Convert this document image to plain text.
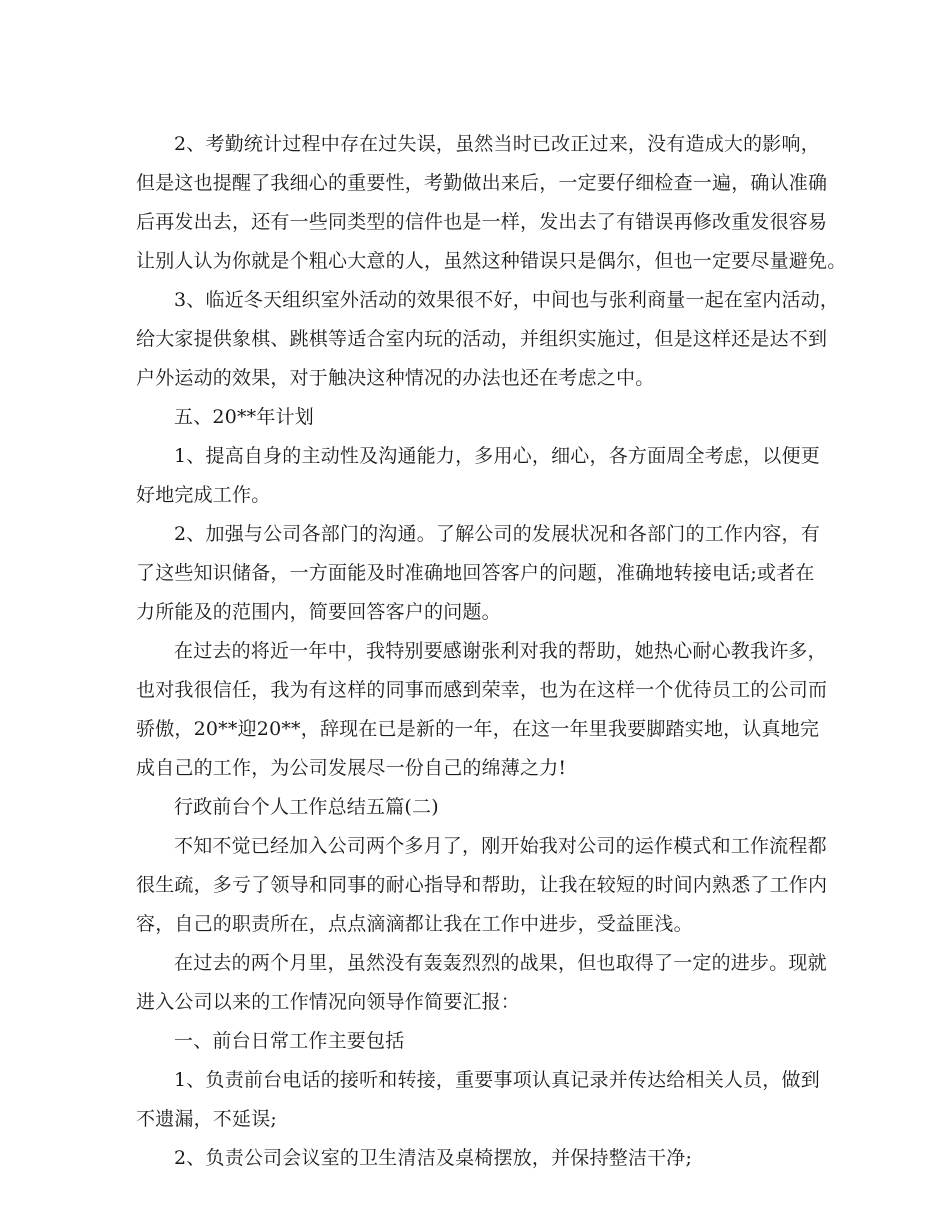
2、考勤统计过程中存在过失误，虽然当时已改正过来，没有造成大的影响，
但是这也提醒了我细心的重要性，考勤做出来后，一定要仔细检查一遍，确认准确
后再发出去，还有一些同类型的信件也是一样，发出去了有错误再修改重发很容易
让别人认为你就是个粗心大意的人，虽然这种错误只是偶尔，但也一定要尽量避免。
3、临近冬天组织室外活动的效果很不好，中间也与张利商量一起在室内活动，
给大家提供象棋、跳棋等适合室内玩的活动，并组织实施过，但是这样还是达不到
户外运动的效果，对于触决这种情况的办法也还在考虑之中。
五、20**年计划
1、提高自身的主动性及沟通能力，多用心，细心，各方面周全考虑，以便更
好地完成工作。
2、加强与公司各部门的沟通。了解公司的发展状况和各部门的工作内容，有
了这些知识储备，一方面能及时准确地回答客户的问题，准确地转接电话;或者在
力所能及的范围内，简要回答客户的问题。
在过去的将近一年中，我特别要感谢张利对我的帮助，她热心耐心教我许多，
也对我很信任，我为有这样的同事而感到荣幸，也为在这样一个优待员工的公司而
骄傲，20**迎20**，辞现在已是新的一年，在这一年里我要脚踏实地，认真地完
成自己的工作，为公司发展尽一份自己的绵薄之力!
行政前台个人工作总结五篇(二)
不知不觉已经加入公司两个多月了，刚开始我对公司的运作模式和工作流程都
很生疏，多亏了领导和同事的耐心指导和帮助，让我在较短的时间内熟悉了工作内
容，自己的职责所在，点点滴滴都让我在工作中进步，受益匪浅。
在过去的两个月里，虽然没有轰轰烈烈的战果，但也取得了一定的进步。现就
进入公司以来的工作情况向领导作简要汇报：
一、前台日常工作主要包括
1、负责前台电话的接听和转接，重要事项认真记录并传达给相关人员，做到
不遗漏，不延误;
2、负责公司会议室的卫生清洁及桌椅摆放，并保持整洁干净;
